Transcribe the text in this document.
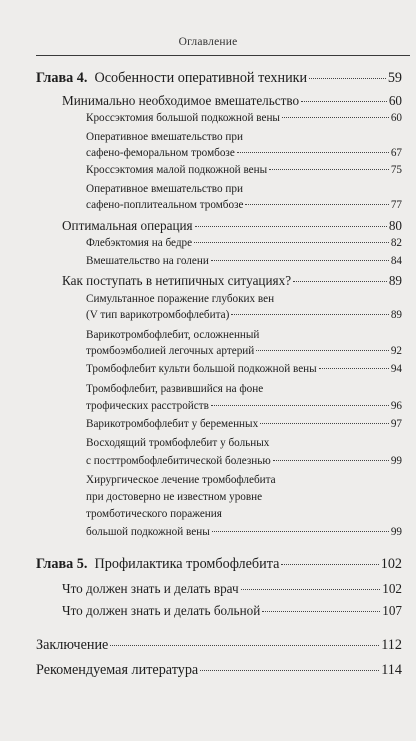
Оглавление
Глава 4. Особенности оперативной техники	59
Минимально необходимое вмешательство	60
Кроссэктомия большой подкожной вены	60
Оперативное вмешательство при
сафено-феморальном тромбозе	67
Кроссэктомия малой подкожной вены	75
Оперативное вмешательство при
сафено-поплитеальном тромбозе	77
Оптимальная операция	80
Флебэктомия на бедре	82
Вмешательство на голени	84
Как поступать в нетипичных ситуациях?	89
Симультанное поражение глубоких вен
(V тип варикотромбофлебита)	89
Варикотромбофлебит, осложненный
тромбоэмболией легочных артерий	92
Тромбофлебит культи большой подкожной вены	94
Тромбофлебит, развившийся на фоне
трофических расстройств	96
Варикотромбофлебит у беременных	97
Восходящий тромбофлебит у больных
с посттромбофлебитической болезнью	99
Хирургическое лечение тромбофлебита
при достоверно не известном уровне
тромботического поражения
большой подкожной вены	99
Глава 5. Профилактика тромбофлебита	102
Что должен знать и делать врач	102
Что должен знать и делать больной	107
Заключение	112
Рекомендуемая литература	114
